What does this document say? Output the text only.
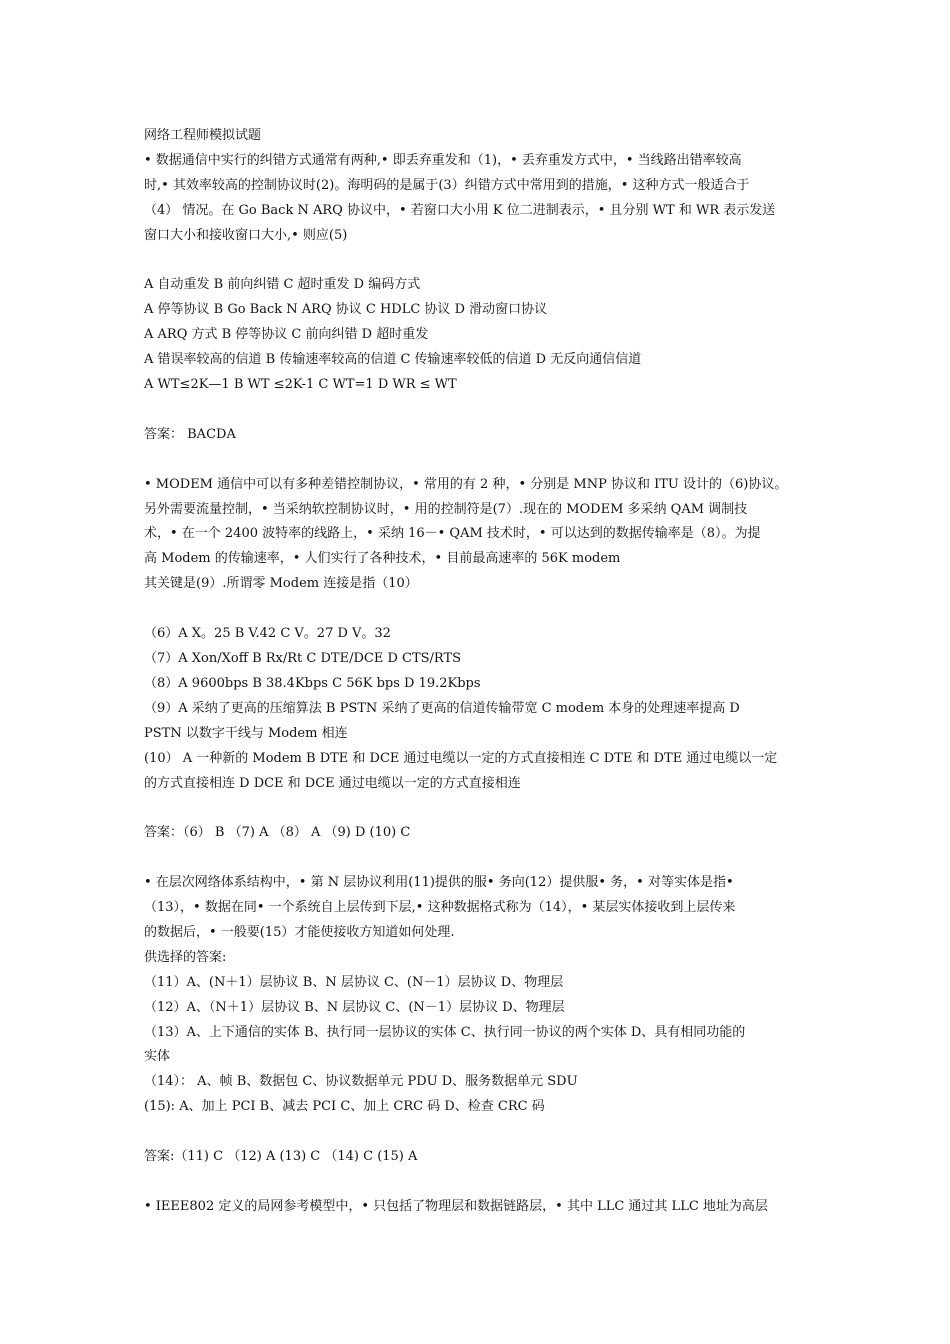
网络工程师模拟试题
• 数据通信中实行的纠错方式通常有两种,• 即丢弃重发和（1)，• 丢弃重发方式中，• 当线路出错率较高
时,• 其效率较高的控制协议时(2)。海明码的是属于(3）纠错方式中常用到的措施，• 这种方式一般适合于
（4） 情况。在 Go Back N ARQ 协议中，• 若窗口大小用 K 位二进制表示，• 且分别 WT 和 WR 表示发送
窗口大小和接收窗口大小,• 则应(5)
A 自动重发 B 前向纠错 C 超时重发 D 编码方式
A 停等协议 B Go Back N ARQ 协议 C HDLC 协议 D 滑动窗口协议
A ARQ 方式 B 停等协议 C 前向纠错 D 超时重发
A 错误率较高的信道 B 传输速率较高的信道 C 传输速率较低的信道 D 无反向通信信道
A WT≤2K—1 B WT ≤2K-1 C WT=1 D WR ≤ WT
答案： BACDA
• MODEM 通信中可以有多种差错控制协议，• 常用的有 2 种，• 分别是 MNP 协议和 ITU 设计的（6)协议。
另外需要流量控制，• 当采纳软控制协议时，• 用的控制符是(7）.现在的 MODEM 多采纳 QAM 调制技
术，• 在一个 2400 波特率的线路上，• 采纳 16－• QAM 技术时，• 可以达到的数据传输率是（8）。为提
高 Modem 的传输速率，• 人们实行了各种技术，• 目前最高速率的 56K modem
其关键是(9）.所谓零 Modem 连接是指（10）
（6）A X。25 B V.42 C V。27 D V。32
（7）A Xon/Xoff B Rx/Rt C DTE/DCE D CTS/RTS
（8）A 9600bps B 38.4Kbps C 56K bps D 19.2Kbps
（9）A 采纳了更高的压缩算法 B PSTN 采纳了更高的信道传输带宽 C modem 本身的处理速率提高 D
PSTN 以数字干线与 Modem 相连
(10） A 一种新的 Modem B DTE 和 DCE 通过电缆以一定的方式直接相连 C DTE 和 DTE 通过电缆以一定
的方式直接相连 D DCE 和 DCE 通过电缆以一定的方式直接相连
答案：（6） B （7) A （8） A （9) D (10) C
• 在层次网络体系结构中，• 第 N 层协议利用(11)提供的服• 务向(12）提供服• 务，• 对等实体是指•
（13），• 数据在同• 一个系统自上层传到下层,• 这种数据格式称为（14），• 某层实体接收到上层传来
的数据后，• 一般要(15）才能使接收方知道如何处理.
供选择的答案:
（11）A、(N＋1）层协议 B、N 层协议 C、(N－1）层协议 D、物理层
（12）A、（N＋1）层协议 B、N 层协议 C、(N－1）层协议 D、物理层
（13）A、上下通信的实体 B、执行同一层协议的实体 C、执行同一协议的两个实体 D、具有相同功能的
实体
（14）： A、帧 B、数据包 C、协议数据单元 PDU D、服务数据单元 SDU
(15): A、加上 PCI B、减去 PCI C、加上 CRC 码 D、检查 CRC 码
答案:（11) C （12) A (13) C （14) C (15) A
• IEEE802 定义的局网参考模型中，• 只包括了物理层和数据链路层，• 其中 LLC 通过其 LLC 地址为高层
